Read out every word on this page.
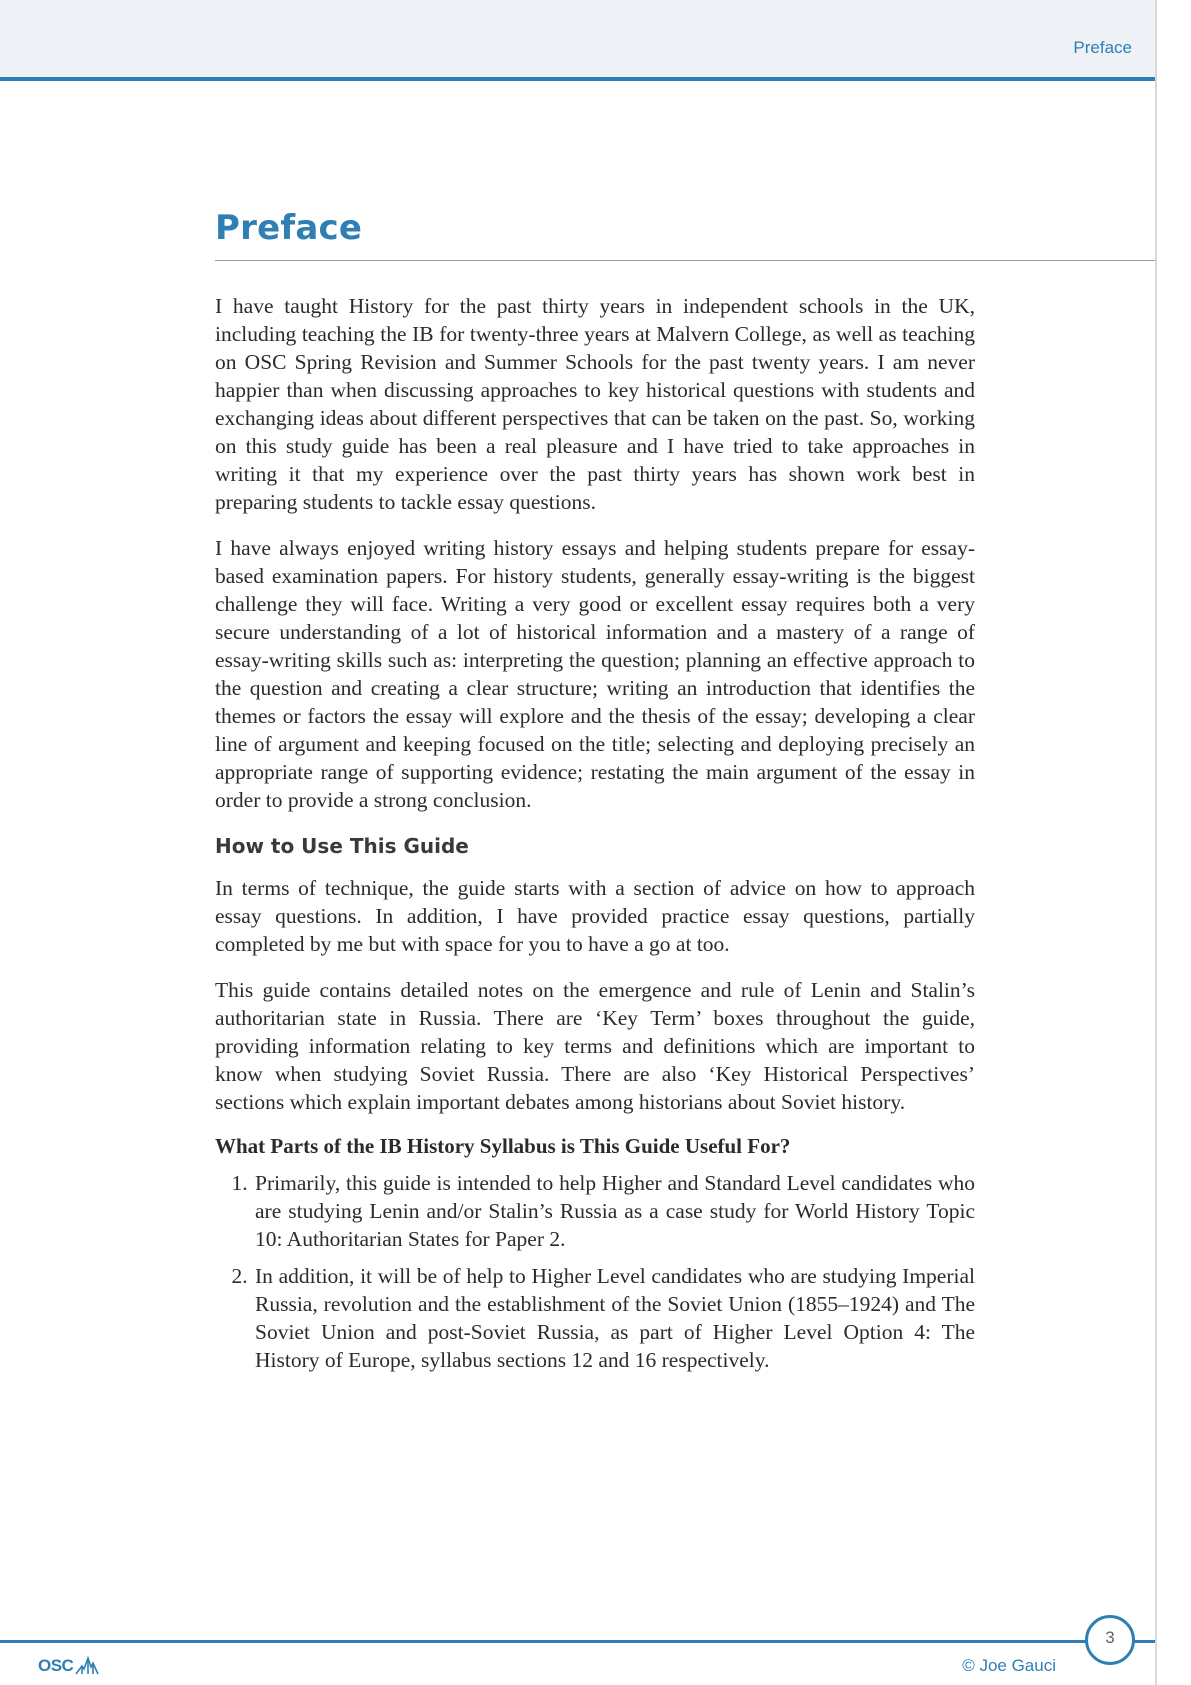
Preface
Preface

I have taught History for the past thirty years in independent schools in the UK, including teaching the IB for twenty-three years at Malvern College, as well as teaching on OSC Spring Revision and Summer Schools for the past twenty years. I am never happier than when discussing approaches to key historical questions with students and exchanging ideas about different perspectives that can be taken on the past. So, working on this study guide has been a real pleasure and I have tried to take approaches in writing it that my experience over the past thirty years has shown work best in preparing students to tackle essay questions.

I have always enjoyed writing history essays and helping students prepare for essay-based examination papers. For history students, generally essay-writing is the biggest challenge they will face. Writing a very good or excellent essay requires both a very secure understanding of a lot of historical information and a mastery of a range of essay-writing skills such as: interpreting the question; planning an effective approach to the question and creating a clear structure; writing an introduction that identifies the themes or factors the essay will explore and the thesis of the essay; developing a clear line of argument and keeping focused on the title; selecting and deploying precisely an appropriate range of supporting evidence; restating the main argument of the essay in order to provide a strong conclusion.

How to Use This Guide

In terms of technique, the guide starts with a section of advice on how to approach essay questions. In addition, I have provided practice essay questions, partially completed by me but with space for you to have a go at too.

This guide contains detailed notes on the emergence and rule of Lenin and Stalin’s authoritarian state in Russia. There are ‘Key Term’ boxes throughout the guide, providing information relating to key terms and definitions which are important to know when studying Soviet Russia. There are also ‘Key Historical Perspectives’ sections which explain important debates among historians about Soviet history.

What Parts of the IB History Syllabus is This Guide Useful For?
1. Primarily, this guide is intended to help Higher and Standard Level candidates who are studying Lenin and/or Stalin’s Russia as a case study for World History Topic 10: Authoritarian States for Paper 2.
2. In addition, it will be of help to Higher Level candidates who are studying Imperial Russia, revolution and the establishment of the Soviet Union (1855–1924) and The Soviet Union and post-Soviet Russia, as part of Higher Level Option 4: The History of Europe, syllabus sections 12 and 16 respectively.
OSC	© Joe Gauci
3
